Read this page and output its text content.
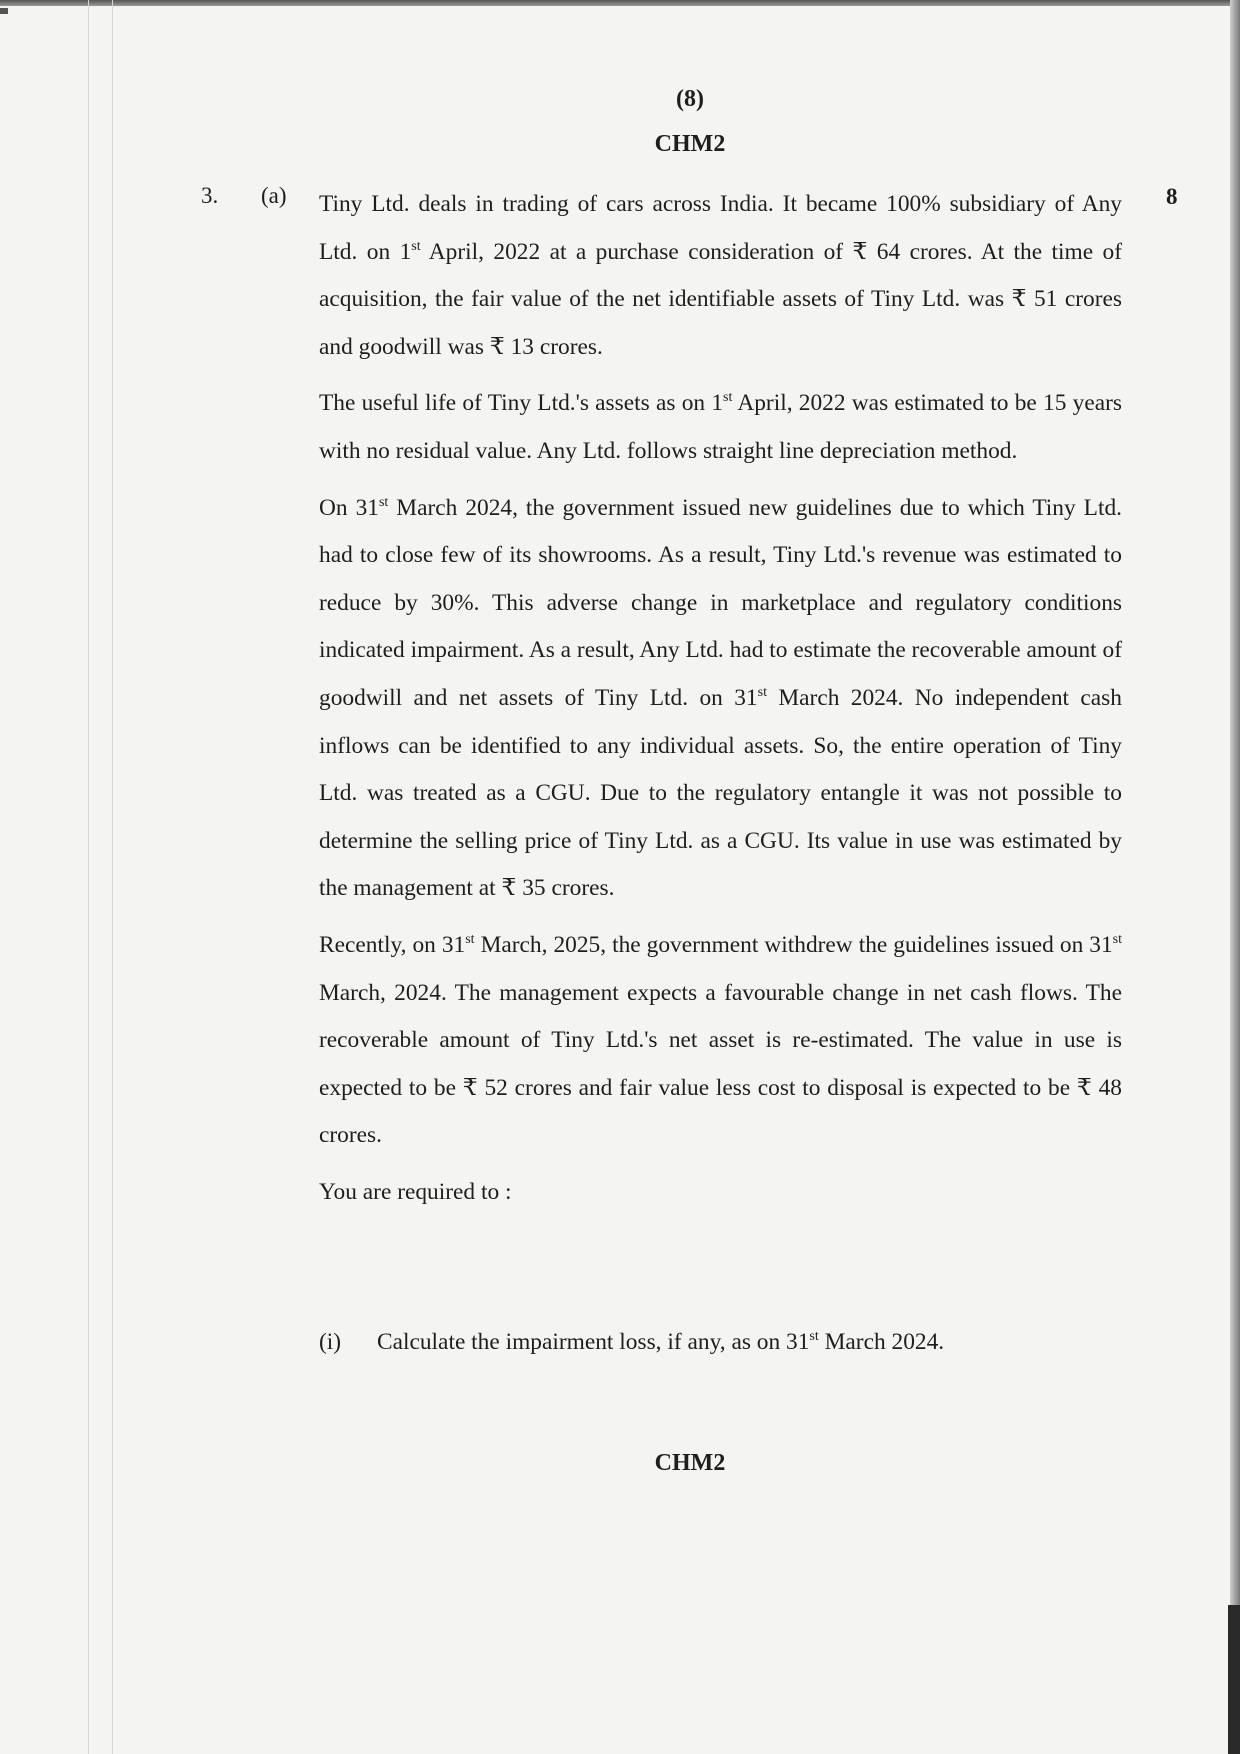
(8)
CHM2
3. (a)	8

Tiny Ltd. deals in trading of cars across India. It became 100% subsidiary of Any Ltd. on 1st April, 2022 at a purchase consideration of ₹ 64 crores. At the time of acquisition, the fair value of the net identifiable assets of Tiny Ltd. was ₹ 51 crores and goodwill was ₹ 13 crores.

The useful life of Tiny Ltd.'s assets as on 1st April, 2022 was estimated to be 15 years with no residual value. Any Ltd. follows straight line depreciation method.

On 31st March 2024, the government issued new guidelines due to which Tiny Ltd. had to close few of its showrooms. As a result, Tiny Ltd.'s revenue was estimated to reduce by 30%. This adverse change in marketplace and regulatory conditions indicated impairment. As a result, Any Ltd. had to estimate the recoverable amount of goodwill and net assets of Tiny Ltd. on 31st March 2024. No independent cash inflows can be identified to any individual assets. So, the entire operation of Tiny Ltd. was treated as a CGU. Due to the regulatory entangle it was not possible to determine the selling price of Tiny Ltd. as a CGU. Its value in use was estimated by the management at ₹ 35 crores.

Recently, on 31st March, 2025, the government withdrew the guidelines issued on 31st March, 2024. The management expects a favourable change in net cash flows. The recoverable amount of Tiny Ltd.'s net asset is re-estimated. The value in use is expected to be ₹ 52 crores and fair value less cost to disposal is expected to be ₹ 48 crores.

You are required to :

(i) Calculate the impairment loss, if any, as on 31st March 2024.
CHM2
